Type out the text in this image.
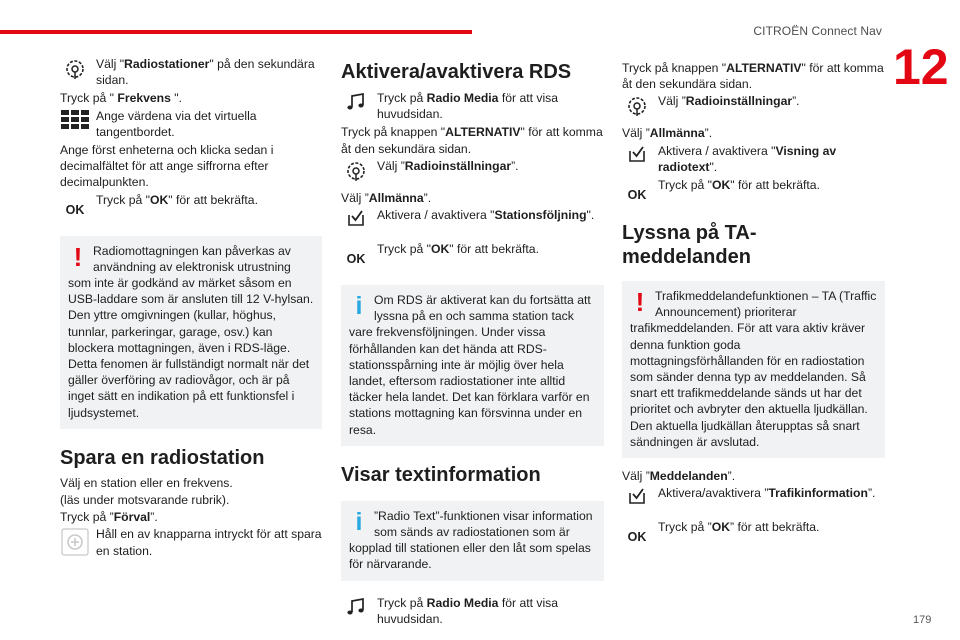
CITROËN Connect Nav
12
179

Välj "Radiostationer" på den sekundära sidan.

Tryck på " Frekvens ".

Ange värdena via det virtuella tangentbordet.

Ange först enheterna och klicka sedan i decimalfältet för att ange siffrorna efter decimalpunkten.

OK

Tryck på "OK" för att bekräfta.

! Radiomottagningen kan påverkas av användning av elektronisk utrustning

som inte är godkänd av märket såsom en USB-laddare som är ansluten till 12 V-hylsan. Den yttre omgivningen (kullar, höghus, tunnlar, parkeringar, garage, osv.) kan blockera mottagningen, även i RDS-läge. Detta fenomen är fullständigt normalt när det gäller överföring av radiovågor, och är på inget sätt en indikation på ett funktionsfel i ljudsystemet.

Spara en radiostation

Välj en station eller en frekvens.

(läs under motsvarande rubrik).

Tryck på ”Förval”.

Håll en av knapparna intryckt för att spara en station.

Aktivera/avaktivera RDS

Tryck på Radio Media för att visa huvudsidan.

Tryck på knappen "ALTERNATIV" för att komma åt den sekundära sidan.

Välj ”Radioinställningar”.

Välj ”Allmänna”.

Aktivera / avaktivera "Stationsföljning".

OK

Tryck på "OK" för att bekräfta.

i Om RDS är aktiverat kan du fortsätta att lyssna på en och samma station tack

vare frekvensföljningen. Under vissa förhållanden kan det hända att RDS-stationsspårning inte är möjlig över hela landet, eftersom radiostationer inte alltid täcker hela landet. Det kan förklara varför en stations mottagning kan försvinna under en resa.

Visar textinformation
i ”Radio Text”-funktionen visar information som sänds av radiostationen som är

kopplad till stationen eller den låt som spelas för närvarande.

Tryck på Radio Media för att visa huvudsidan.

Tryck på knappen "ALTERNATIV" för att komma åt den sekundära sidan.

Välj ”Radioinställningar”.

Välj ”Allmänna”.

Aktivera / avaktivera "Visning av radiotext".

OK

Tryck på "OK" för att bekräfta.

Lyssna på TA-meddelanden
! Trafikmeddelandefunktionen – TA (Traffic Announcement) prioriterar

trafikmeddelanden. För att vara aktiv kräver denna funktion goda mottagningsförhållanden för en radiostation som sänder denna typ av meddelanden. Så snart ett trafikmeddelande sänds ut har det prioritet och avbryter den aktuella ljudkällan. Den aktuella ljudkällan återupptas så snart sändningen är avslutad.

Välj ”Meddelanden”.

Aktivera/avaktivera ”Trafikinformation”.

OK

Tryck på ”OK” för att bekräfta.
